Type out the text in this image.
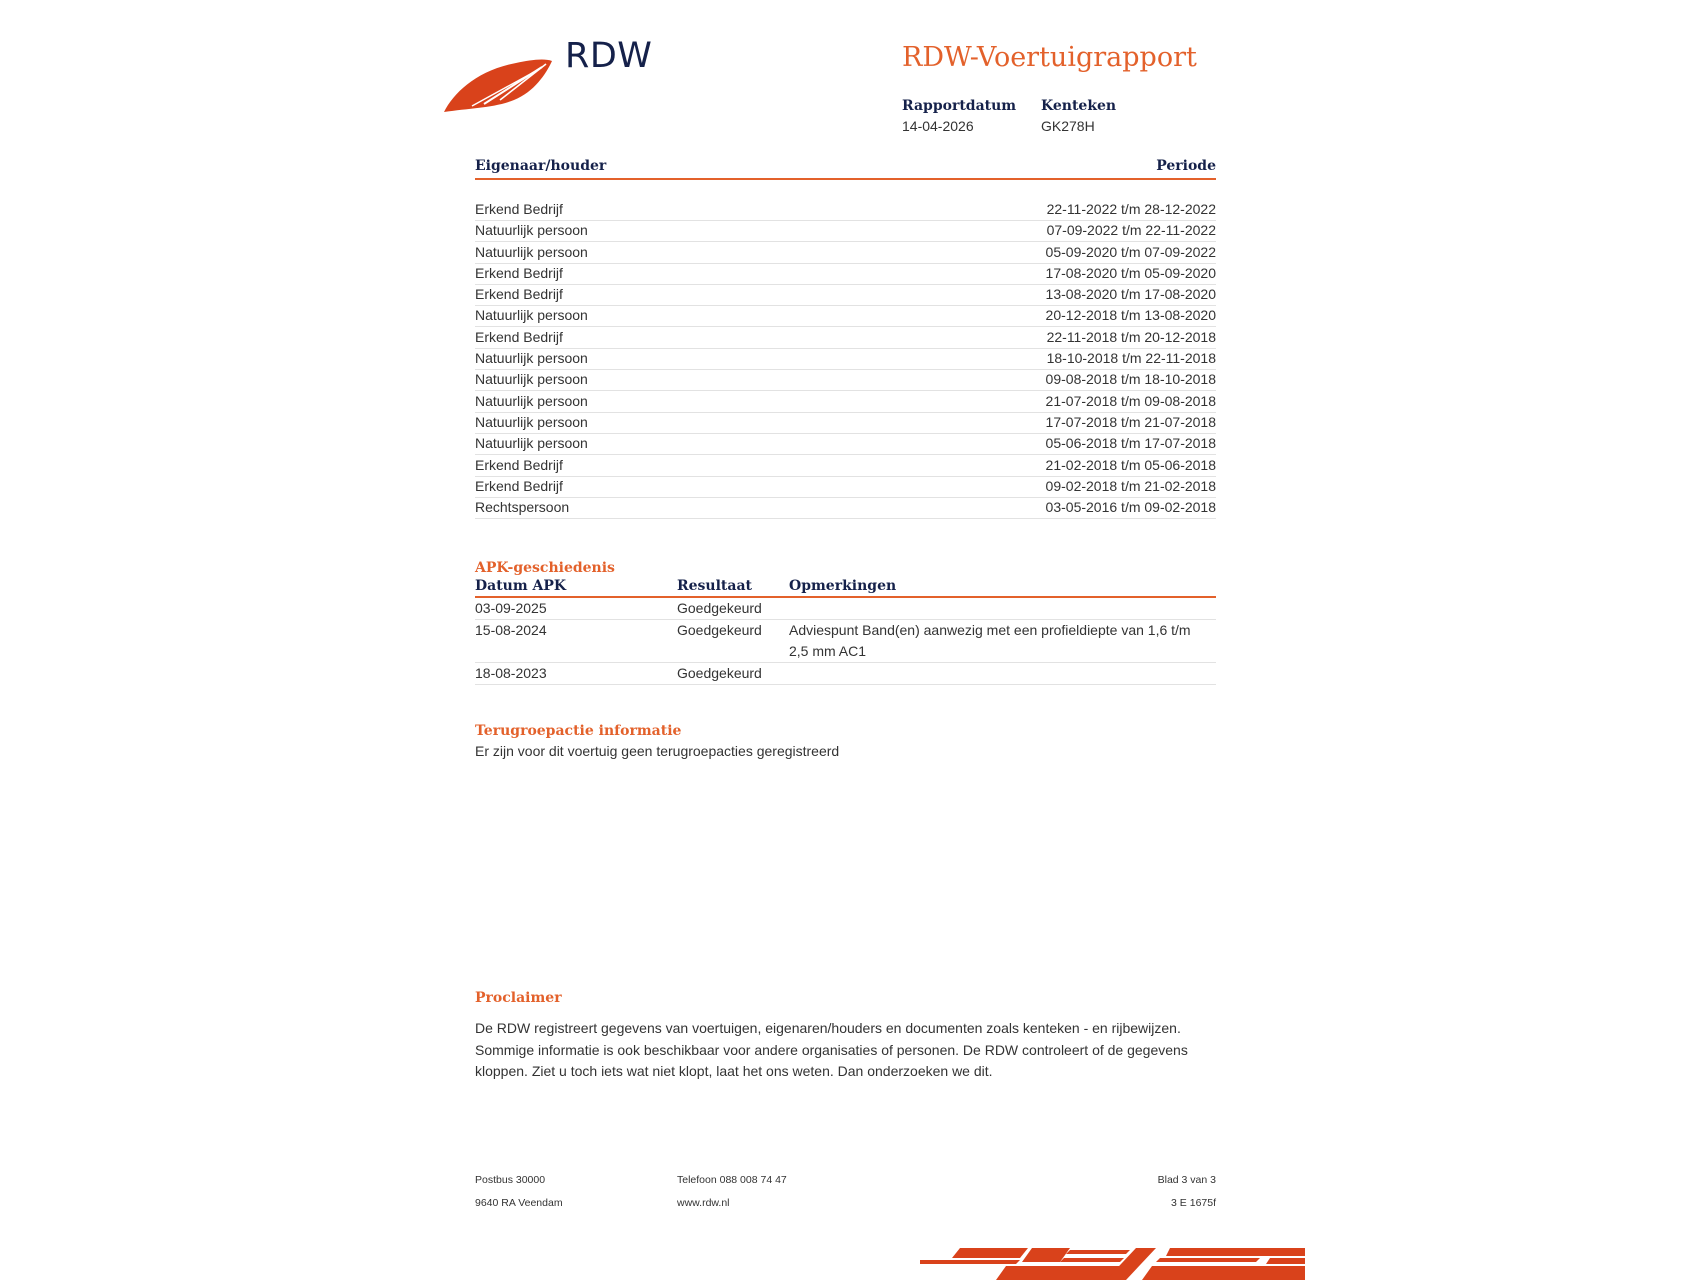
RDW	RDW-Voertuigrapport
Rapportdatum
14-04-2026
Kenteken
GK278H
Eigenaar/houder	Periode
Erkend Bedrijf	22-11-2022 t/m 28-12-2022
Natuurlijk persoon	07-09-2022 t/m 22-11-2022
Natuurlijk persoon	05-09-2020 t/m 07-09-2022
Erkend Bedrijf	17-08-2020 t/m 05-09-2020
Erkend Bedrijf	13-08-2020 t/m 17-08-2020
Natuurlijk persoon	20-12-2018 t/m 13-08-2020
Erkend Bedrijf	22-11-2018 t/m 20-12-2018
Natuurlijk persoon	18-10-2018 t/m 22-11-2018
Natuurlijk persoon	09-08-2018 t/m 18-10-2018
Natuurlijk persoon	21-07-2018 t/m 09-08-2018
Natuurlijk persoon	17-07-2018 t/m 21-07-2018
Natuurlijk persoon	05-06-2018 t/m 17-07-2018
Erkend Bedrijf	21-02-2018 t/m 05-06-2018
Erkend Bedrijf	09-02-2018 t/m 21-02-2018
Rechtspersoon	03-05-2016 t/m 09-02-2018
APK-geschiedenis
Datum APK	Resultaat	Opmerkingen
03-09-2025	Goedgekeurd
15-08-2024	Goedgekeurd	Adviespunt Band(en) aanwezig met een profieldiepte van 1,6 t/m 2,5 mm AC1
18-08-2023	Goedgekeurd
Terugroepactie informatie
Er zijn voor dit voertuig geen terugroepacties geregistreerd
Proclaimer
De RDW registreert gegevens van voertuigen, eigenaren/houders en documenten zoals kenteken - en rijbewijzen. Sommige informatie is ook beschikbaar voor andere organisaties of personen. De RDW controleert of de gegevens kloppen. Ziet u toch iets wat niet klopt, laat het ons weten. Dan onderzoeken we dit.
Postbus 30000
9640 RA Veendam
Telefoon 088 008 74 47
www.rdw.nl
Blad 3 van 3
3 E 1675f
